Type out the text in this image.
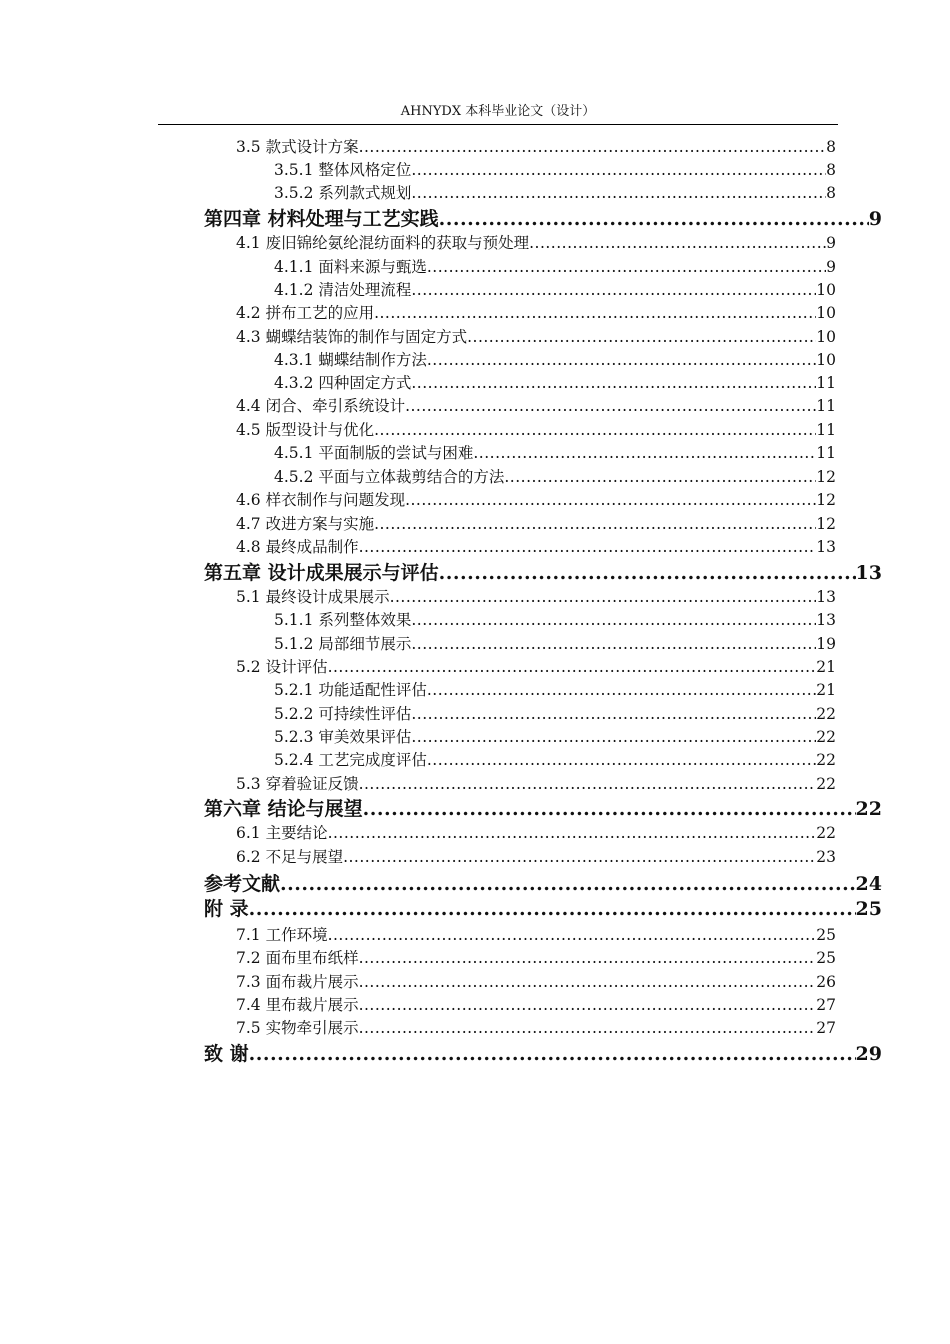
AHNYDX 本科毕业论文（设计）
3.5 款式设计方案 .....	8
3.5.1 整体风格定位 .....	8
3.5.2 系列款式规划 .....	8
第四章 材料处理与工艺实践 .....	9
4.1 废旧锦纶氨纶混纺面料的获取与预处理 .....	9
4.1.1 面料来源与甄选 .....	9
4.1.2 清洁处理流程 .....	10
4.2 拼布工艺的应用 .....	10
4.3 蝴蝶结装饰的制作与固定方式 .....	10
4.3.1 蝴蝶结制作方法 .....	10
4.3.2 四种固定方式 .....	11
4.4 闭合、牵引系统设计 .....	11
4.5 版型设计与优化 .....	11
4.5.1 平面制版的尝试与困难 .....	11
4.5.2 平面与立体裁剪结合的方法 .....	12
4.6 样衣制作与问题发现 .....	12
4.7 改进方案与实施 .....	12
4.8 最终成品制作 .....	13
第五章 设计成果展示与评估 .....	13
5.1 最终设计成果展示 .....	13
5.1.1 系列整体效果 .....	13
5.1.2 局部细节展示 .....	19
5.2 设计评估 .....	21
5.2.1 功能适配性评估 .....	21
5.2.2 可持续性评估 .....	22
5.2.3 审美效果评估 .....	22
5.2.4 工艺完成度评估 .....	22
5.3 穿着验证反馈 .....	22
第六章 结论与展望 .....	22
6.1 主要结论 .....	22
6.2 不足与展望 .....	23
参考文献 .....	24
附 录 .....	25
7.1 工作环境 .....	25
7.2 面布里布纸样 .....	25
7.3 面布裁片展示 .....	26
7.4 里布裁片展示 .....	27
7.5 实物牵引展示 .....	27
致 谢 .....	29
